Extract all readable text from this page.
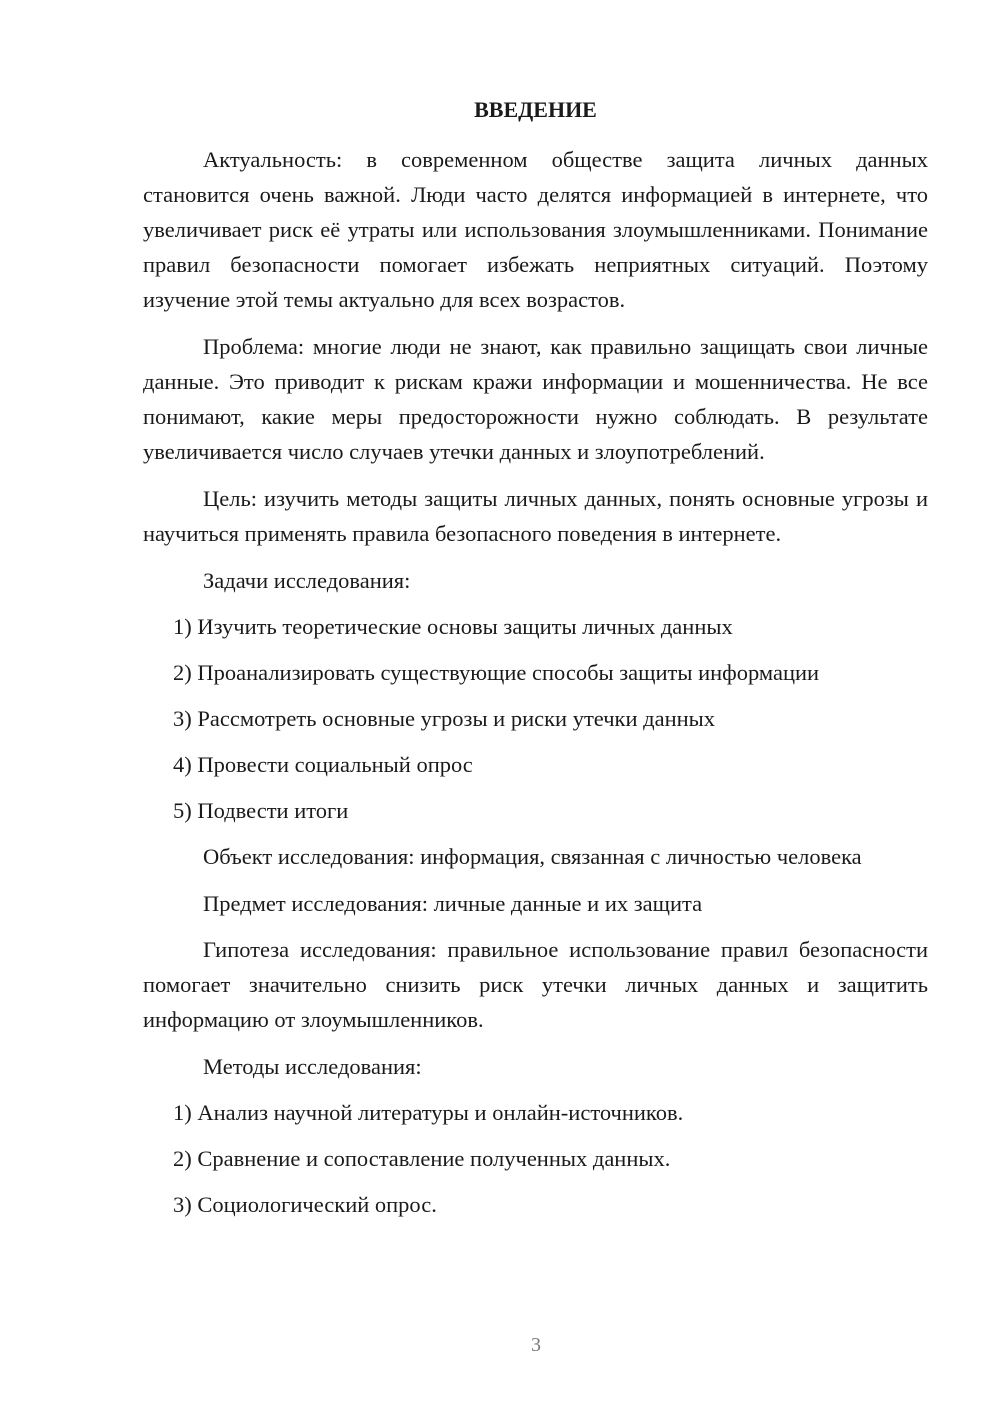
ВВЕДЕНИЕ

Актуальность: в современном обществе защита личных данных становится очень важной. Люди часто делятся информацией в интернете, что увеличивает риск её утраты или использования злоумышленниками. Понимание правил безопасности помогает избежать неприятных ситуаций. Поэтому изучение этой темы актуально для всех возрастов.

Проблема: многие люди не знают, как правильно защищать свои личные данные. Это приводит к рискам кражи информации и мошенничества. Не все понимают, какие меры предосторожности нужно соблюдать. В результате увеличивается число случаев утечки данных и злоупотреблений.

Цель: изучить методы защиты личных данных, понять основные угрозы и научиться применять правила безопасного поведения в интернете.

Задачи исследования:

1) Изучить теоретические основы защиты личных данных

2) Проанализировать существующие способы защиты информации

3) Рассмотреть основные угрозы и риски утечки данных

4) Провести социальный опрос

5) Подвести итоги

Объект исследования: информация, связанная с личностью человека

Предмет исследования: личные данные и их защита

Гипотеза исследования: правильное использование правил безопасности помогает значительно снизить риск утечки личных данных и защитить информацию от злоумышленников.

Методы исследования:

1) Анализ научной литературы и онлайн-источников.

2) Сравнение и сопоставление полученных данных.

3) Социологический опрос.

3
